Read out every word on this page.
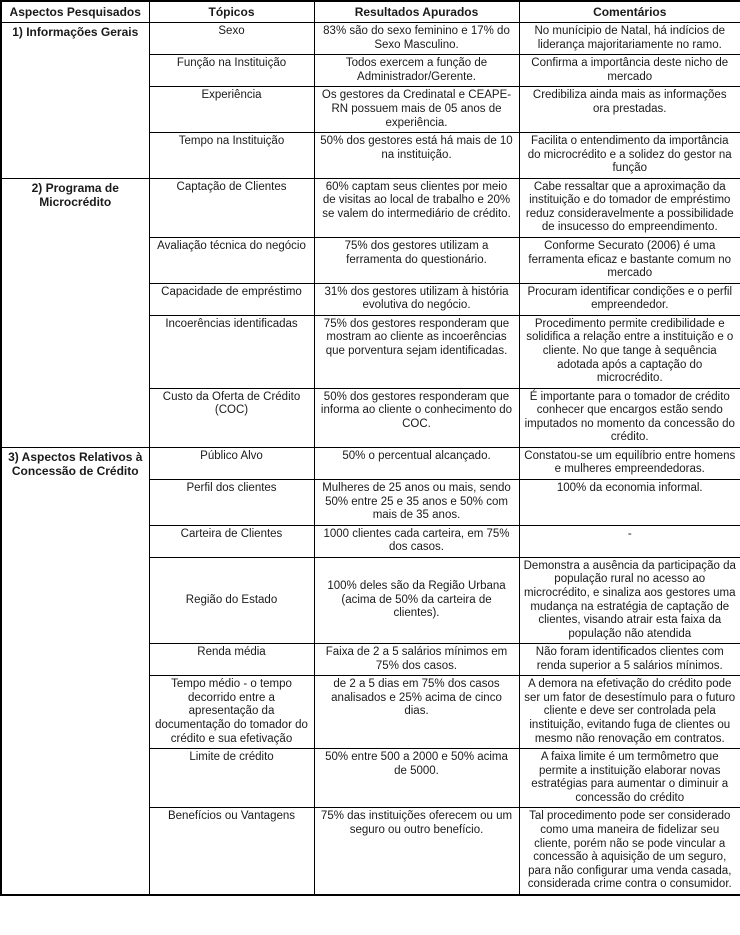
Aspectos Pesquisados	Tópicos	Resultados Apurados	Comentários
1) Informações Gerais	Sexo	83% são do sexo feminino e 17% do Sexo Masculino.	No munícipio de Natal, há indícios de liderança majoritariamente no ramo.
	Função na Instituição	Todos exercem a função de Administrador/Gerente.	Confirma a importância deste nicho de mercado
	Experiência	Os gestores da Credinatal e CEAPE-RN possuem mais de 05 anos de experiência.	Credibiliza ainda mais as informações ora prestadas.
	Tempo na Instituição	50% dos gestores está há mais de 10 na instituição.	Facilita o entendimento da importância do microcrédito e a solidez do gestor na função
2) Programa de Microcrédito	Captação de Clientes	60% captam seus clientes por meio de visitas ao local de trabalho e 20% se valem do intermediário de crédito.	Cabe ressaltar que a aproximação da instituição e do tomador de empréstimo reduz consideravelmente a possibilidade de insucesso do empreendimento.
	Avaliação técnica do negócio	75% dos gestores utilizam a ferramenta do questionário.	Conforme Securato (2006) é uma ferramenta eficaz e bastante comum no mercado
	Capacidade de empréstimo	31% dos gestores utilizam à história evolutiva do negócio.	Procuram identificar condições e o perfil empreendedor.
	Incoerências identificadas	75% dos gestores responderam que mostram ao cliente as incoerências que porventura sejam identificadas.	Procedimento permite credibilidade e solidifica a relação entre a instituição e o cliente. No que tange à sequência adotada após a captação do microcrédito.
	Custo da Oferta de Crédito (COC)	50% dos gestores responderam que informa ao cliente o conhecimento do COC.	É importante para o tomador de crédito conhecer que encargos estão sendo imputados no momento da concessão do crédito.
3) Aspectos Relativos à Concessão de Crédito	Público Alvo	50% o percentual alcançado.	Constatou-se um equilíbrio entre homens e mulheres empreendedoras.
	Perfil dos clientes	Mulheres de 25 anos ou mais, sendo 50% entre 25 e 35 anos e 50% com mais de 35 anos.	100% da economia informal.
	Carteira de Clientes	1000 clientes cada carteira, em 75% dos casos.	-
	Região do Estado	100% deles são da Região Urbana (acima de 50% da carteira de clientes).	Demonstra a ausência da participação da população rural no acesso ao microcrédito, e sinaliza aos gestores uma mudança na estratégia de captação de clientes, visando atrair esta faixa da população não atendida
	Renda média	Faixa de 2 a 5 salários mínimos em 75% dos casos.	Não foram identificados clientes com renda superior a 5 salários mínimos.
	Tempo médio - o tempo decorrido entre a apresentação da documentação do tomador do crédito e sua efetivação	de 2 a 5 dias em 75% dos casos analisados e 25% acima de cinco dias.	A demora na efetivação do crédito pode ser um fator de desestímulo para o futuro cliente e deve ser controlada pela instituição, evitando fuga de clientes ou mesmo não renovação em contratos.
	Limite de crédito	50% entre 500 a 2000 e 50% acima de 5000.	A faixa limite é um termômetro que permite a instituição elaborar novas estratégias para aumentar o diminuir a concessão do crédito
	Benefícios ou Vantagens	75% das instituições oferecem ou um seguro ou outro benefício.	Tal procedimento pode ser considerado como uma maneira de fidelizar seu cliente, porém não se pode vincular a concessão à aquisição de um seguro, para não configurar uma venda casada, considerada crime contra o consumidor.
